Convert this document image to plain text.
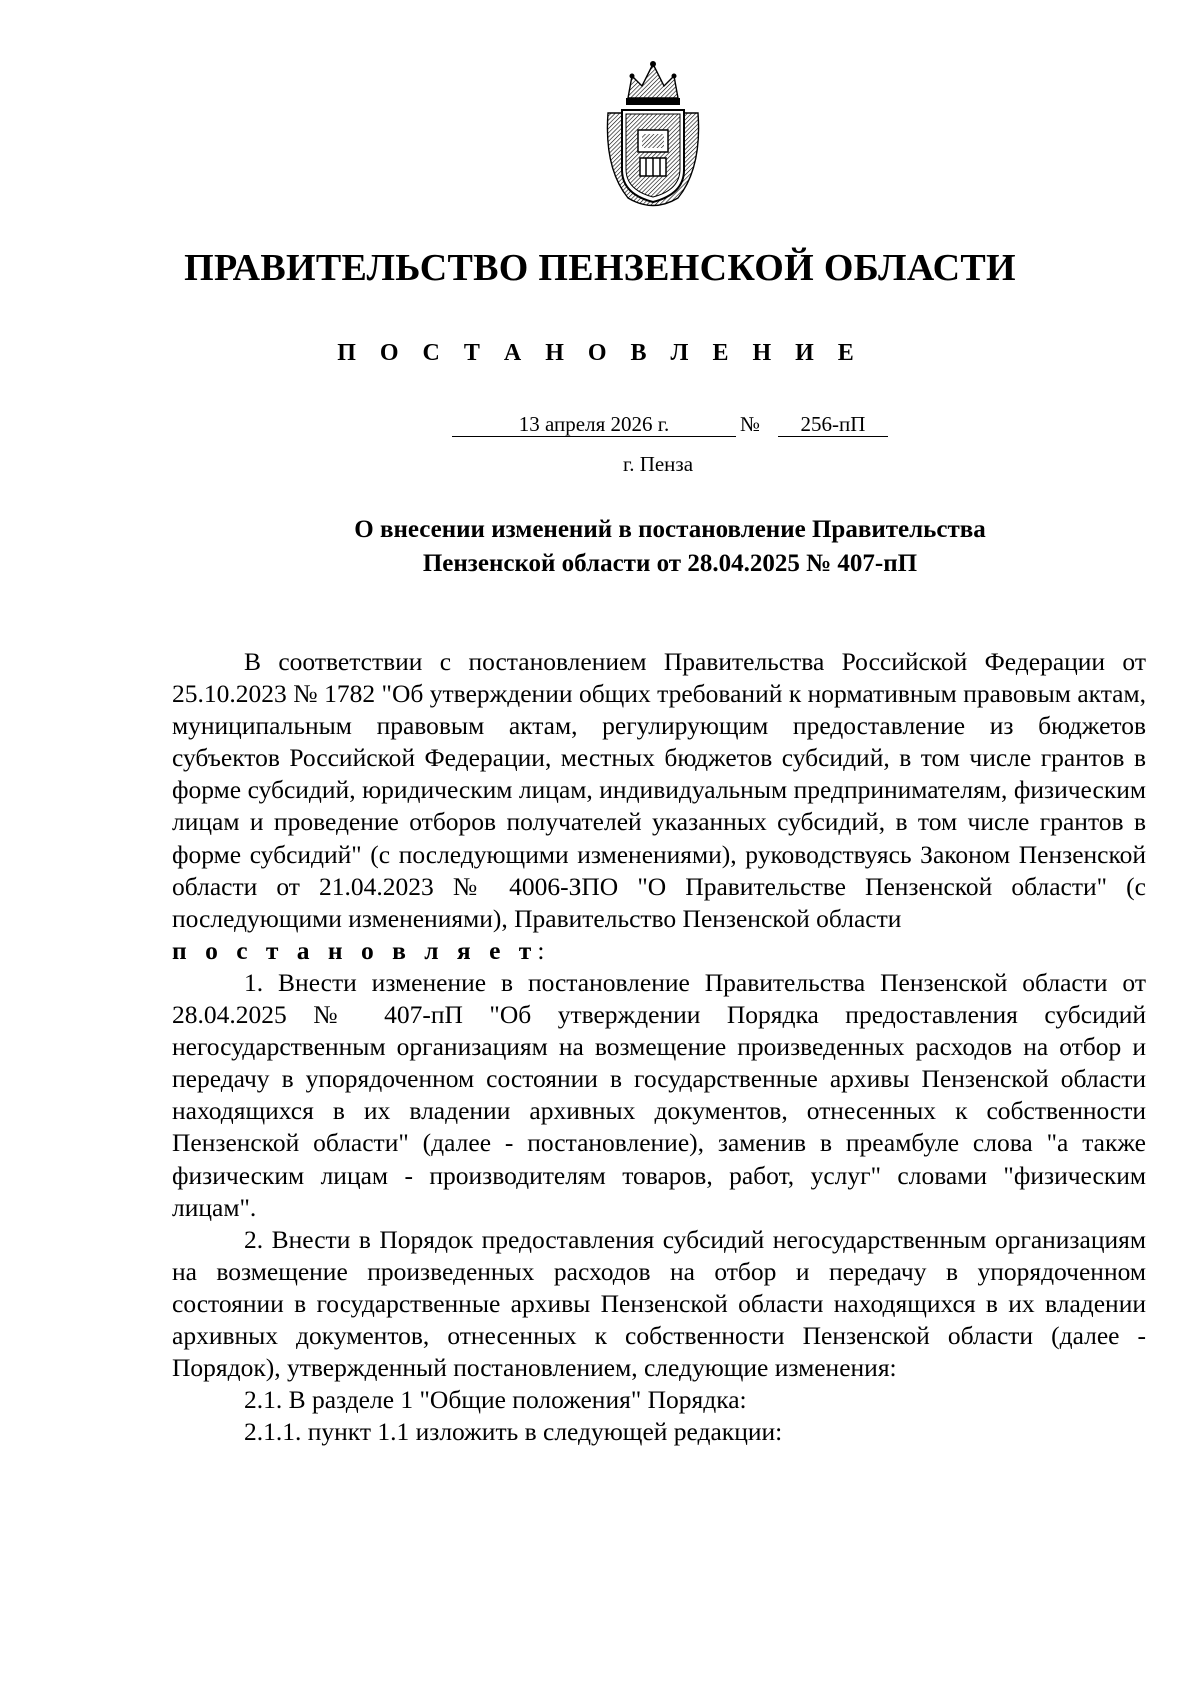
ПРАВИТЕЛЬСТВО ПЕНЗЕНСКОЙ ОБЛАСТИ
П О С Т А Н О В Л Е Н И Е
13 апреля 2026 г.	№	256-пП
г. Пенза
О внесении изменений в постановление Правительства
Пензенской области от 28.04.2025 № 407-пП

В соответствии с постановлением Правительства Российской Федерации от 25.10.2023 № 1782 "Об утверждении общих требований к нормативным правовым актам, муниципальным правовым актам, регулирующим предоставление из бюджетов субъектов Российской Федерации, местных бюджетов субсидий, в том числе грантов в форме субсидий, юридическим лицам, индивидуальным предпринимателям, физическим лицам и проведение отборов получателей указанных субсидий, в том числе грантов в форме субсидий" (с последующими изменениями), руководствуясь Законом Пензенской области от 21.04.2023 № 4006-ЗПО "О Правительстве Пензенской области" (с последующими изменениями), Правительство Пензенской области

п о с т а н о в л я е т:

1. Внести изменение в постановление Правительства Пензенской области от 28.04.2025 № 407-пП "Об утверждении Порядка предоставления субсидий негосударственным организациям на возмещение произведенных расходов на отбор и передачу в упорядоченном состоянии в государственные архивы Пензенской области находящихся в их владении архивных документов, отнесенных к собственности Пензенской области" (далее - постановление), заменив в преамбуле слова "а также физическим лицам - производителям товаров, работ, услуг" словами "физическим лицам".

2. Внести в Порядок предоставления субсидий негосударственным организациям на возмещение произведенных расходов на отбор и передачу в упорядоченном состоянии в государственные архивы Пензенской области находящихся в их владении архивных документов, отнесенных к собственности Пензенской области (далее - Порядок), утвержденный постановлением, следующие изменения:

2.1. В разделе 1 "Общие положения" Порядка:

2.1.1. пункт 1.1 изложить в следующей редакции:
